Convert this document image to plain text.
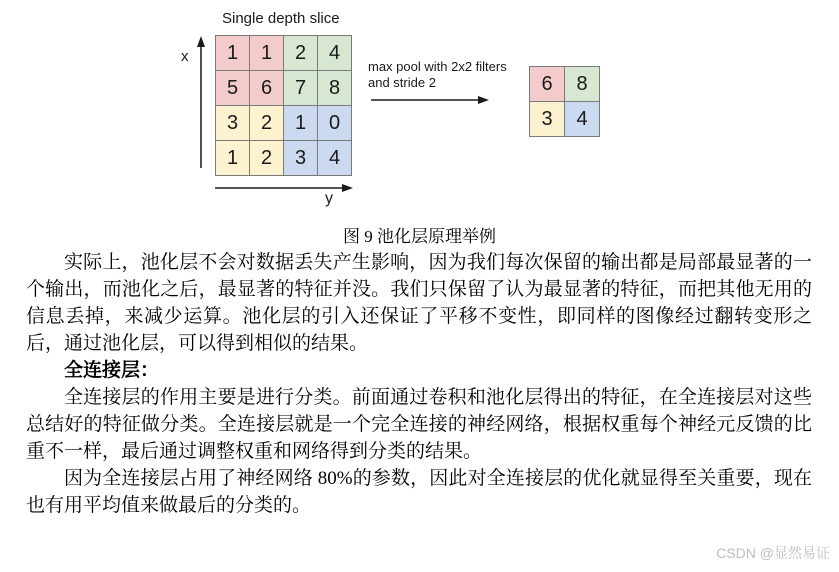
Single depth slice
x	1	1	2	4
5	6	7	8
3	2	1	0
1	2	3	4
y
max pool with 2x2 filters
and stride 2	6	8
3	4
图 9 池化层原理举例

实际上，池化层不会对数据丢失产生影响，因为我们每次保留的输出都是局部最显著的一个输出，而池化之后，最显著的特征并没。我们只保留了认为最显著的特征，而把其他无用的信息丢掉，来减少运算。池化层的引入还保证了平移不变性，即同样的图像经过翻转变形之后，通过池化层，可以得到相似的结果。

全连接层：

全连接层的作用主要是进行分类。前面通过卷积和池化层得出的特征，在全连接层对这些总结好的特征做分类。全连接层就是一个完全连接的神经网络，根据权重每个神经元反馈的比重不一样，最后通过调整权重和网络得到分类的结果。

因为全连接层占用了神经网络 80%的参数，因此对全连接层的优化就显得至关重要，现在也有用平均值来做最后的分类的。

CSDN @显然易证
